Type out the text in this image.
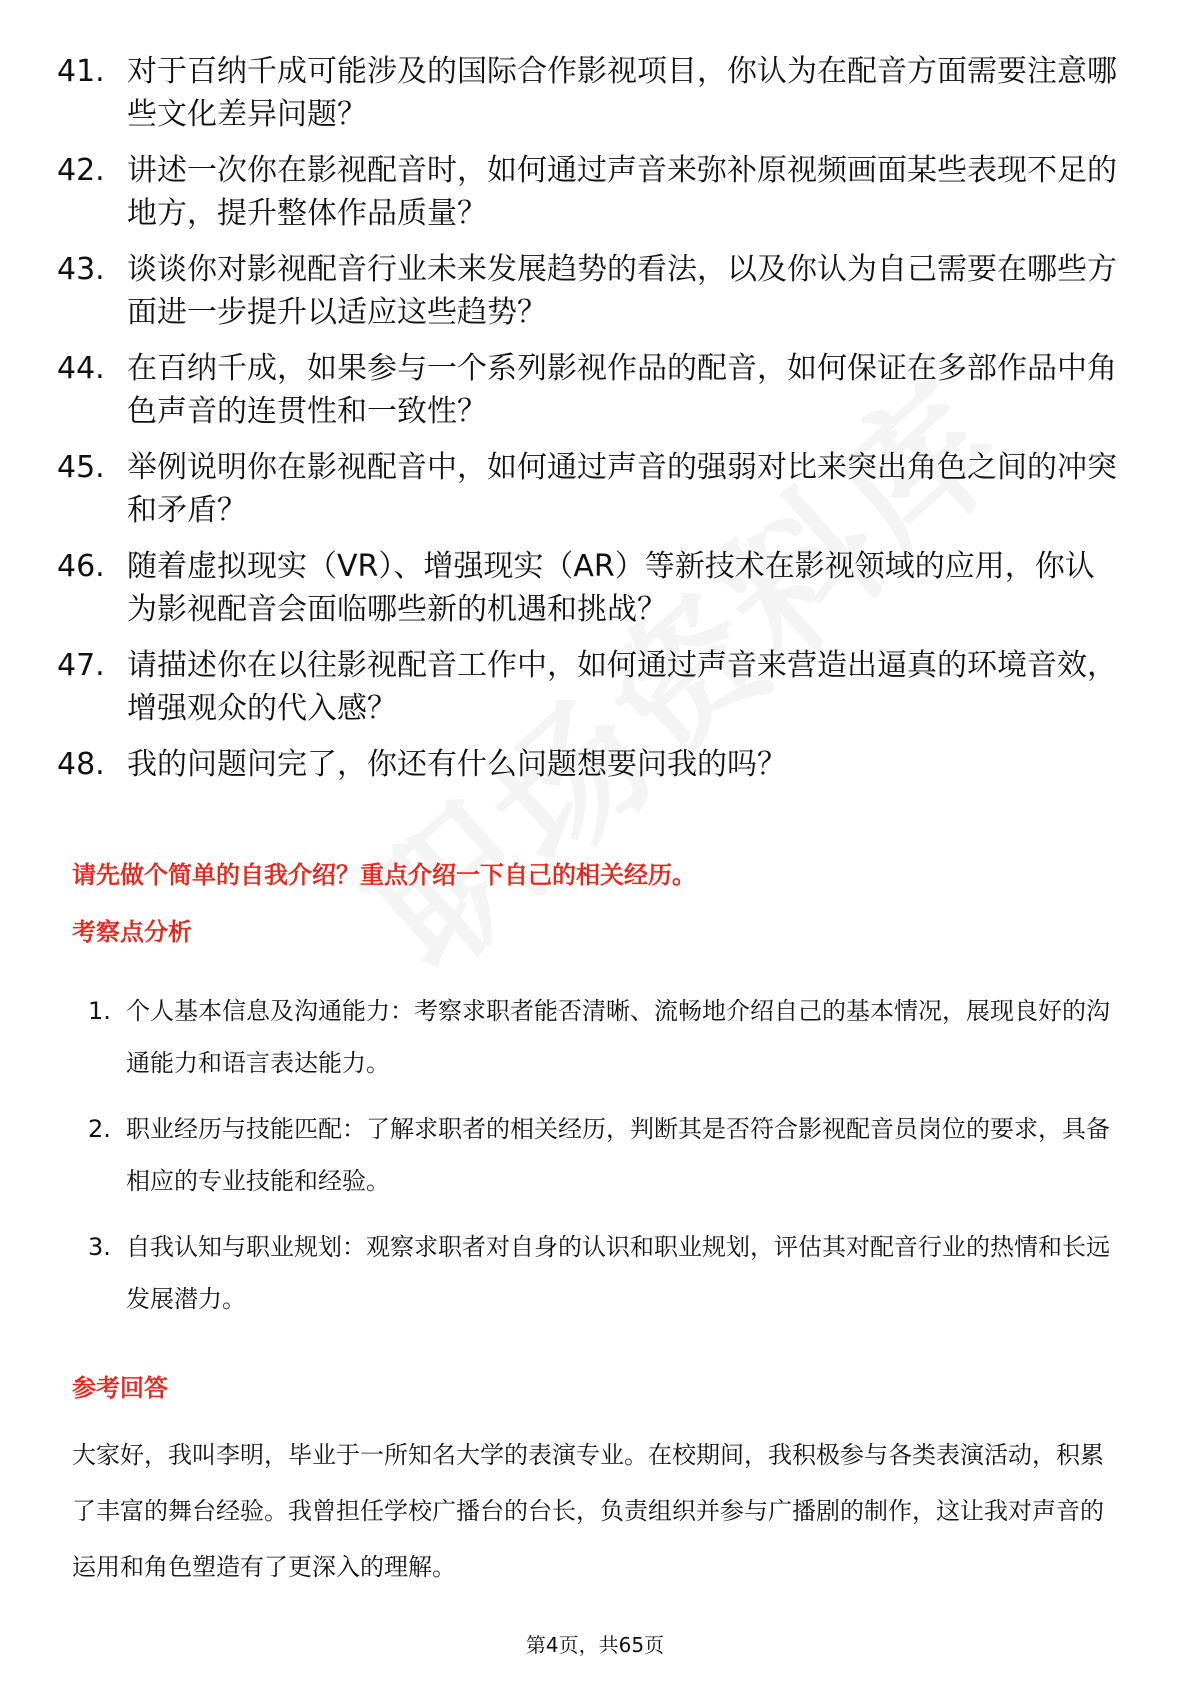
41. 对于百纳千成可能涉及的国际合作影视项目，你认为在配音方面需要注意哪些文化差异问题？
42. 讲述一次你在影视配音时，如何通过声音来弥补原视频画面某些表现不足的地方，提升整体作品质量？
43. 谈谈你对影视配音行业未来发展趋势的看法，以及你认为自己需要在哪些方面进一步提升以适应这些趋势？
44. 在百纳千成，如果参与一个系列影视作品的配音，如何保证在多部作品中角色声音的连贯性和一致性？
45. 举例说明你在影视配音中，如何通过声音的强弱对比来突出角色之间的冲突和矛盾？
46. 随着虚拟现实（VR）、增强现实（AR）等新技术在影视领域的应用，你认为影视配音会面临哪些新的机遇和挑战？
47. 请描述你在以往影视配音工作中，如何通过声音来营造出逼真的环境音效，增强观众的代入感？
48. 我的问题问完了，你还有什么问题想要问我的吗？
请先做个简单的自我介绍？重点介绍一下自己的相关经历。
考察点分析
1. 个人基本信息及沟通能力：考察求职者能否清晰、流畅地介绍自己的基本情况，展现良好的沟通能力和语言表达能力。
2. 职业经历与技能匹配：了解求职者的相关经历，判断其是否符合影视配音员岗位的要求，具备相应的专业技能和经验。
3. 自我认知与职业规划：观察求职者对自身的认识和职业规划，评估其对配音行业的热情和长远发展潜力。
参考回答
大家好，我叫李明，毕业于一所知名大学的表演专业。在校期间，我积极参与各类表演活动，积累了丰富的舞台经验。我曾担任学校广播台的台长，负责组织并参与广播剧的制作，这让我对声音的运用和角色塑造有了更深入的理解。
第4页，共65页
